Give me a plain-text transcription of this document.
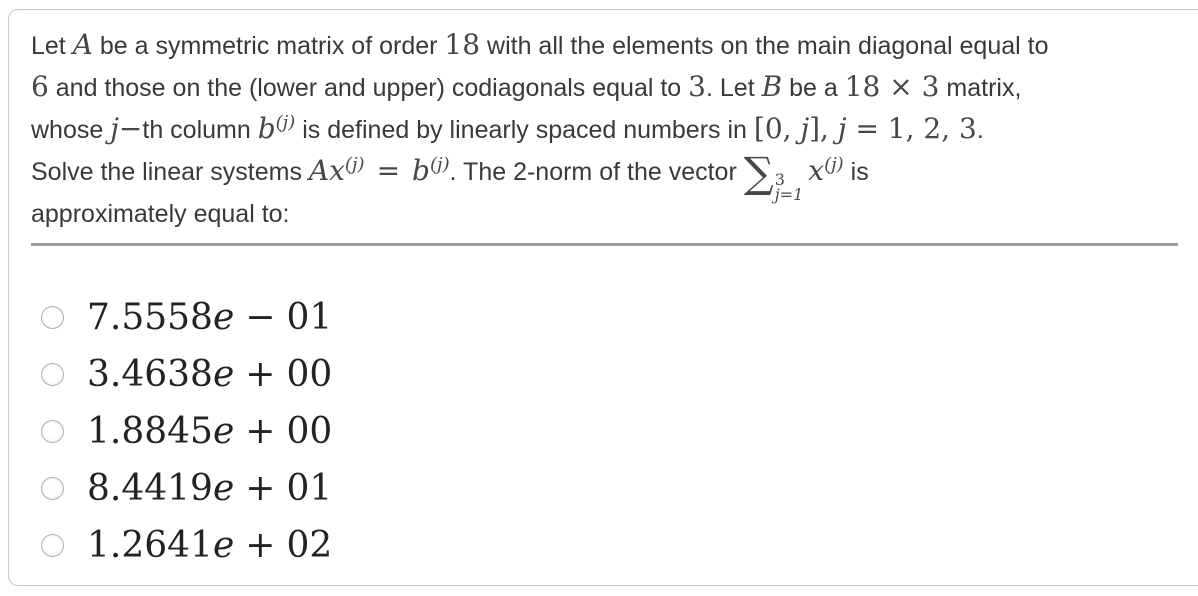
Let A be a symmetric matrix of order 18 with all the elements on the main diagonal equal to
6 and those on the (lower and upper) codiagonals equal to 3. Let B be a 18 × 3 matrix,
whose j−th column $b^{(j)}$ is defined by linearly spaced numbers in [0, j], j = 1, 2, 3.
Solve the linear systems $Ax^{(j)} = b^{(j)}$. The 2-norm of the vector ∑ 3
j=1
$x^{(j)}$ is
approximately equal to:
7.5558e − 01
3.4638e + 00
1.8845e + 00
8.4419e + 01
1.2641e + 02
